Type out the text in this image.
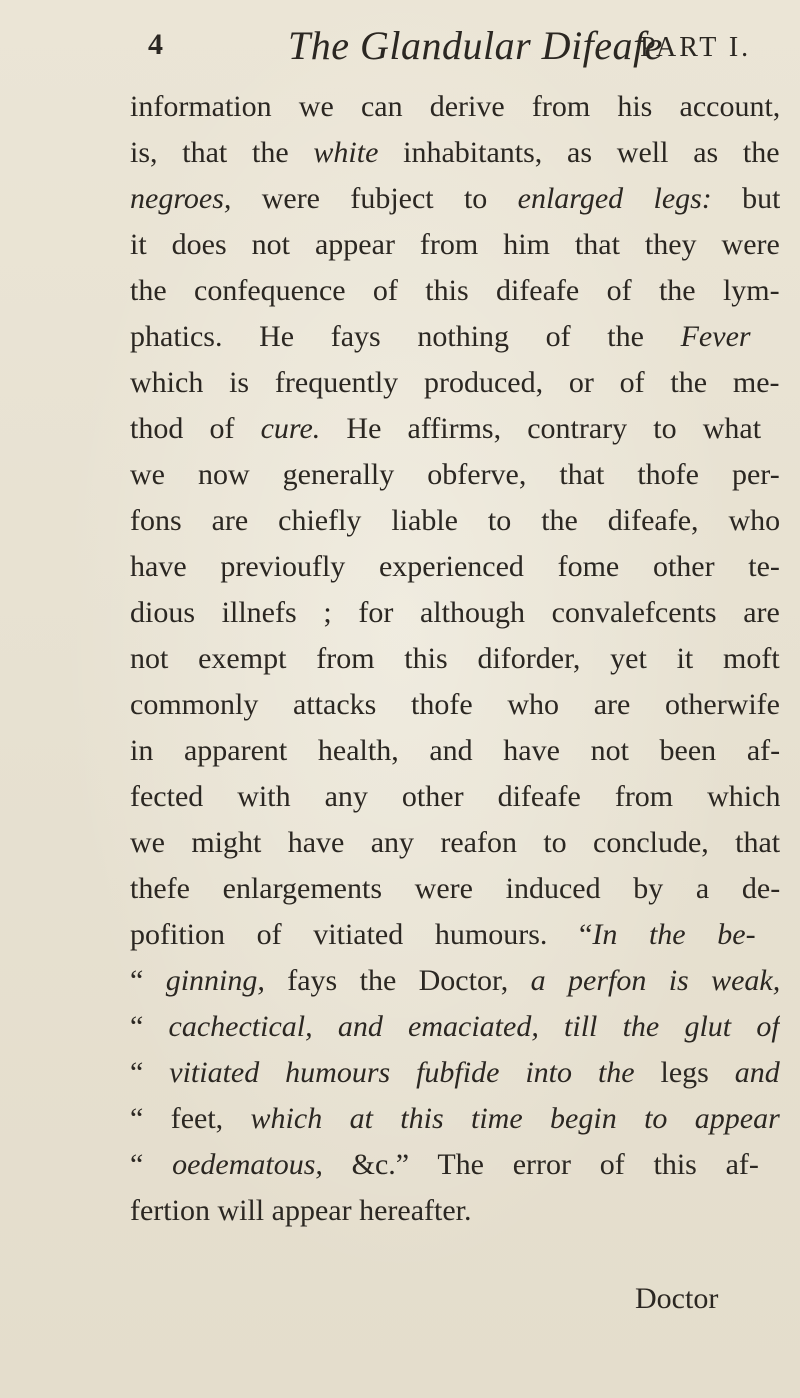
4	The Glandular Difeafe
PART I.
information we can derive from his account,
is, that the white inhabitants, as well as the
negroes, were fubject to enlarged legs: but
it does not appear from him that they were
the confequence of this difeafe of the lym-
phatics. He fays nothing of the Fever
which is frequently produced, or of the me-
thod of cure. He affirms, contrary to what
we now generally obferve, that thofe per-
fons are chiefly liable to the difeafe, who
have previoufly experienced fome other te-
dious illnefs ; for although convalefcents are
not exempt from this diforder, yet it moft
commonly attacks thofe who are otherwife
in apparent health, and have not been af-
fected with any other difeafe from which
we might have any reafon to conclude, that
thefe enlargements were induced by a de-
pofition of vitiated humours. “In the be-
“ ginning, fays the Doctor, a perfon is weak,
“ cachectical, and emaciated, till the glut of
“ vitiated humours fubfide into the legs and
“ feet, which at this time begin to appear
“ oedematous, &c.” The error of this af-
fertion will appear hereafter.
Doctor
